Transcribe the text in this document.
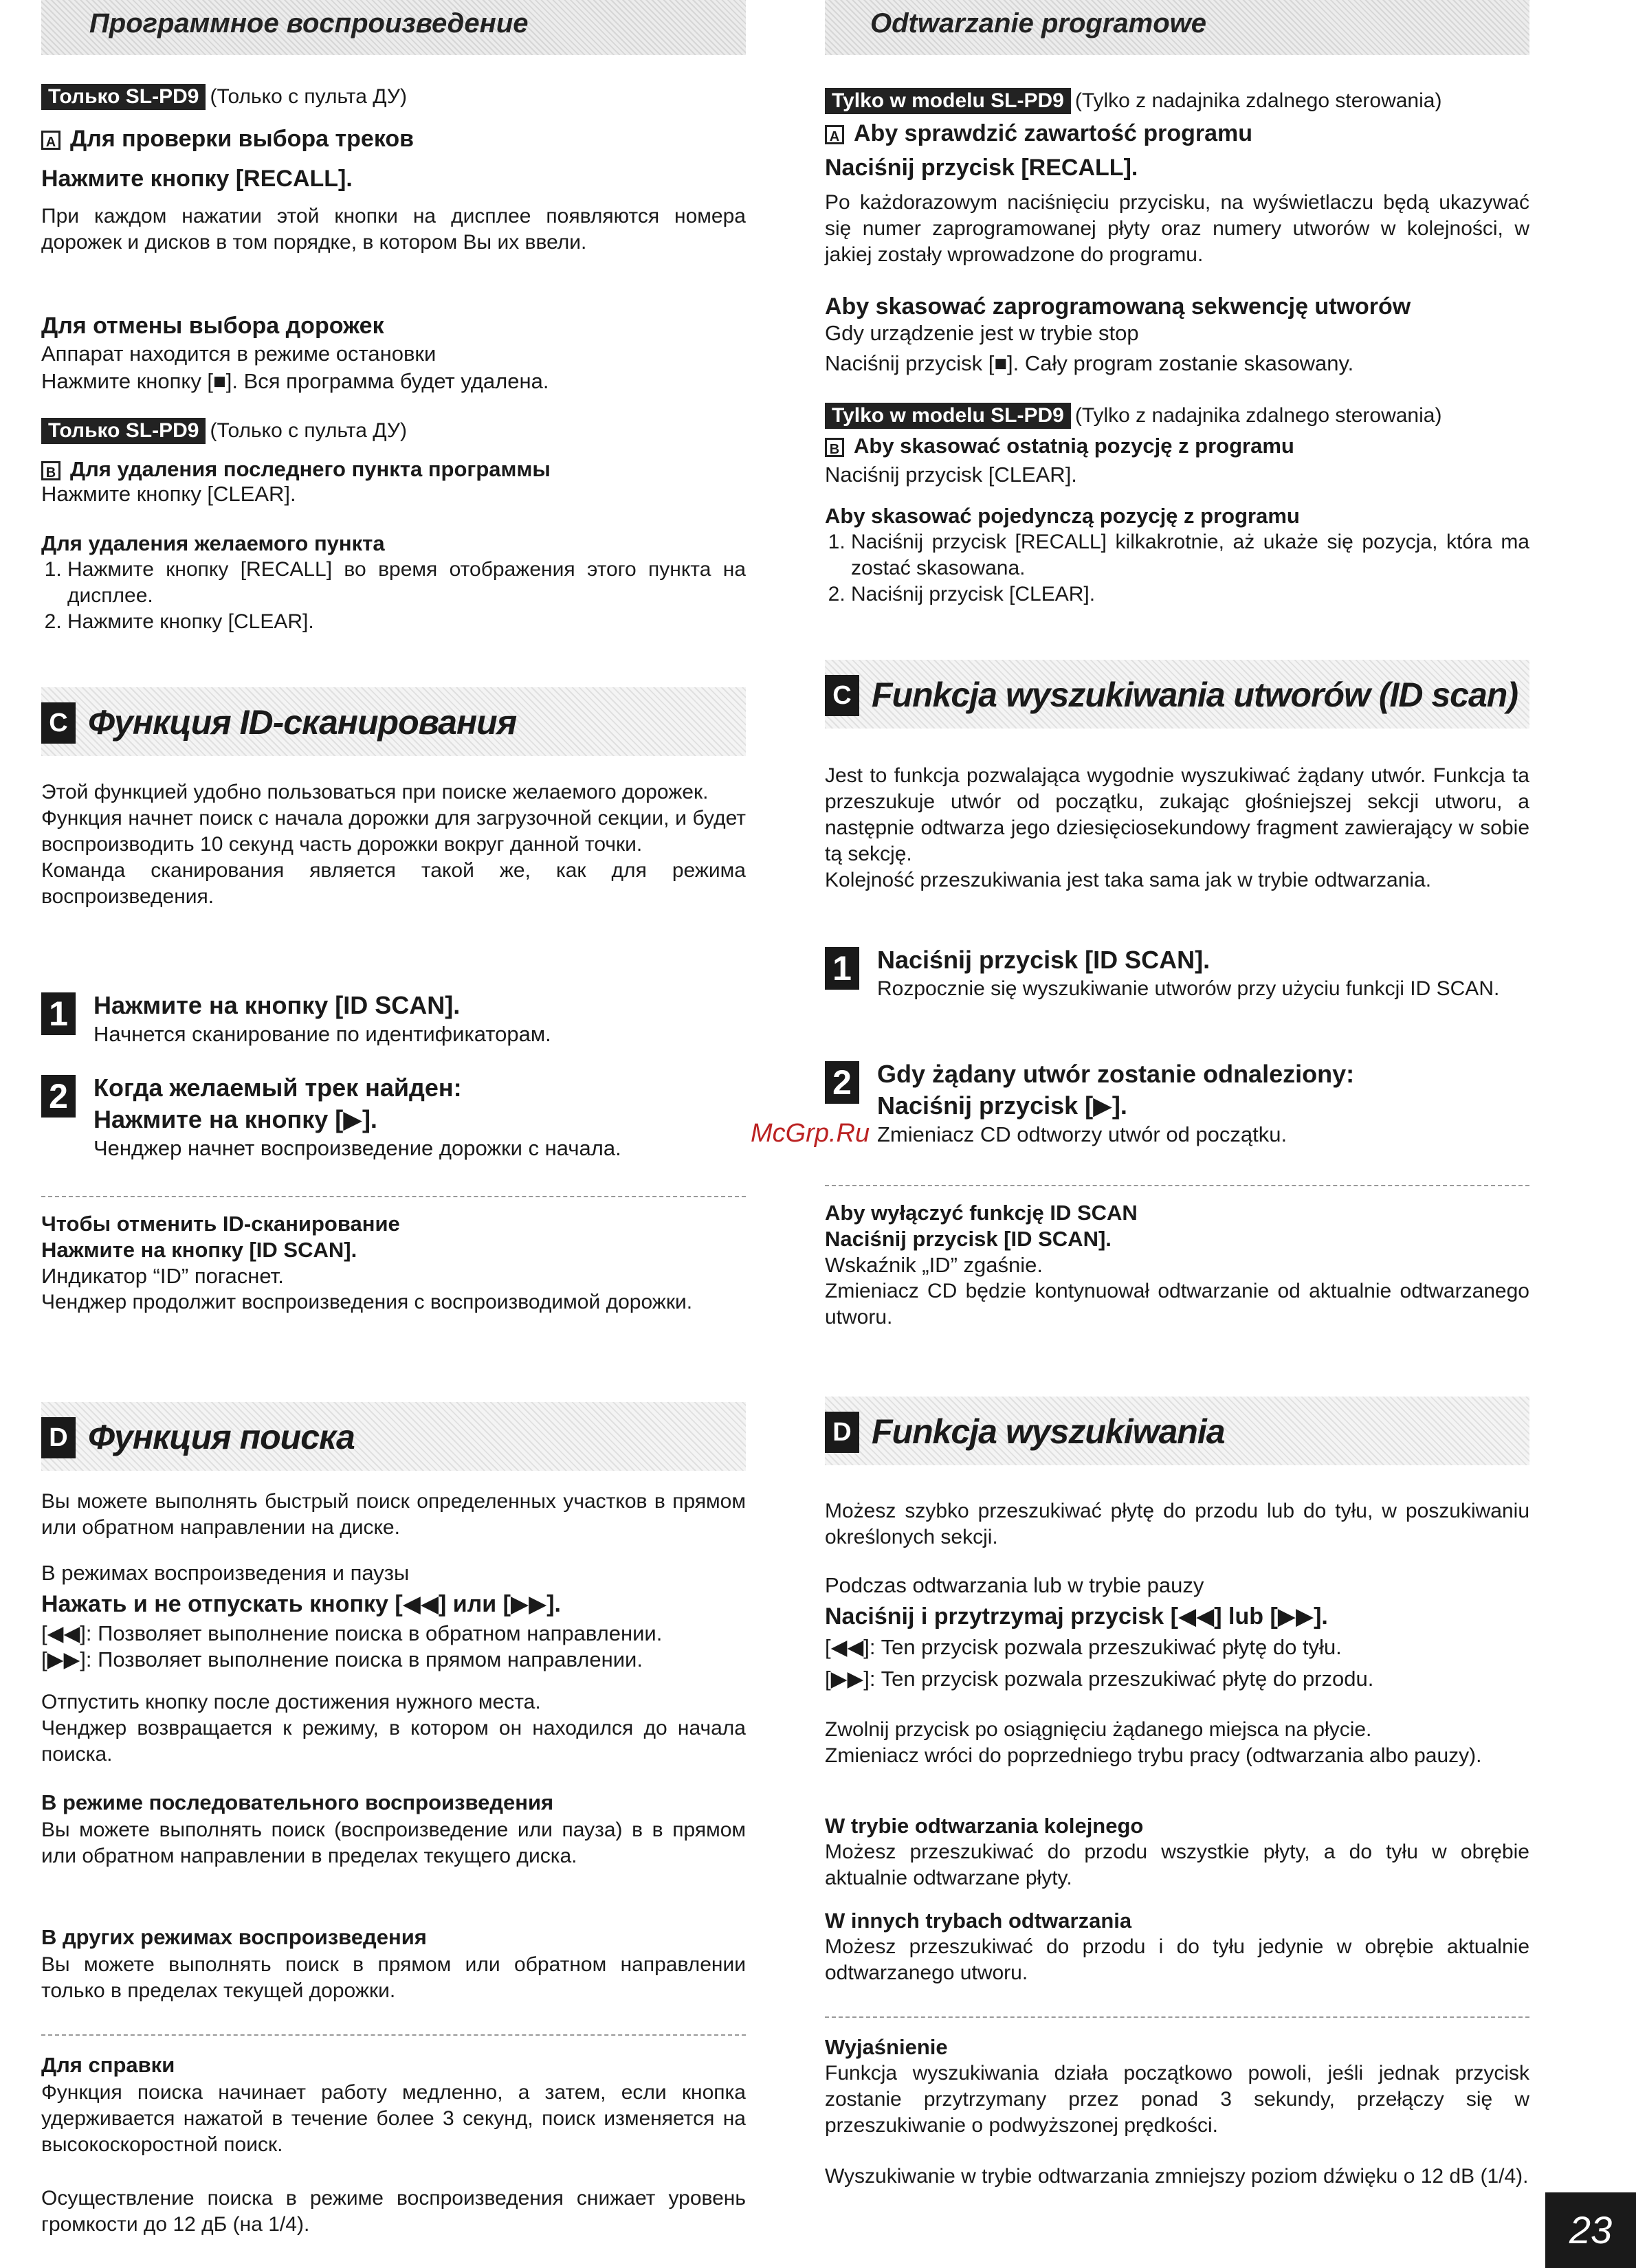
Программное воспроизведение
Только SL-PD9 (Только с пульта ДУ)
A Для проверки выбора треков
Нажмите кнопку [RECALL].
При каждом нажатии этой кнопки на дисплее появляются номера дорожек и дисков в том порядке, в котором Вы их ввели.
Для отмены выбора дорожек
Аппарат находится в режиме остановки
Нажмите кнопку [■]. Вся программа будет удалена.
Только SL-PD9 (Только с пульта ДУ)
B Для удаления последнего пункта программы
Нажмите кнопку [CLEAR].
Для удаления желаемого пункта
1. Нажмите кнопку [RECALL] во время отображения этого пункта на дисплее.
2. Нажмите кнопку [CLEAR].
C Функция ID-сканирования
Этой функцией удобно пользоваться при поиске желаемого дорожек.
Функция начнет поиск с начала дорожки для загрузочной секции, и будет воспроизводить 10 секунд часть дорожки вокруг данной точки.
Команда сканирования является такой же, как для режима воспроизведения.
1	Нажмите на кнопку [ID SCAN].
Начнется сканирование по идентификаторам.
2	Когда желаемый трек найден:
Нажмите на кнопку [▶].
Ченджер начнет воспроизведение дорожки с начала.
Чтобы отменить ID-сканирование
Нажмите на кнопку [ID SCAN].
Индикатор “ID” погаснет.
Ченджер продолжит воспроизведения с воспроизводимой дорожки.
D Функция поиска
Вы можете выполнять быстрый поиск определенных участков в прямом или обратном направлении на диске.
В режимах воспроизведения и паузы
Нажать и не отпускать кнопку [◀◀] или [▶▶].
[◀◀]: Позволяет выполнение поиска в обратном направлении.
[▶▶]: Позволяет выполнение поиска в прямом направлении.
Отпустить кнопку после достижения нужного места.
Ченджер возвращается к режиму, в котором он находился до начала поиска.
В режиме последовательного воспроизведения
Вы можете выполнять поиск (воспроизведение или пауза) в в прямом или обратном направлении в пределах текущего диска.
В других режимах воспроизведения
Вы можете выполнять поиск в прямом или обратном направлении только в пределах текущей дорожки.
Для справки
Функция поиска начинает работу медленно, а затем, если кнопка удерживается нажатой в течение более 3 секунд, поиск изменяется на высокоскоростной поиск.
Осуществление поиска в режиме воспроизведения снижает уровень громкости до 12 дБ (на 1/4).
Odtwarzanie programowe
Tylko w modelu SL-PD9 (Tylko z nadajnika zdalnego sterowania)
A Aby sprawdzić zawartość programu
Naciśnij przycisk [RECALL].
Po każdorazowym naciśnięciu przycisku, na wyświetlaczu będą ukazywać się numer zaprogramowanej płyty oraz numery utworów w kolejności, w jakiej zostały wprowadzone do programu.
Aby skasować zaprogramowaną sekwencję utworów
Gdy urządzenie jest w trybie stop
Naciśnij przycisk [■]. Cały program zostanie skasowany.
Tylko w modelu SL-PD9 (Tylko z nadajnika zdalnego sterowania)
B Aby skasować ostatnią pozycję z programu
Naciśnij przycisk [CLEAR].
Aby skasować pojedynczą pozycję z programu
1. Naciśnij przycisk [RECALL] kilkakrotnie, aż ukaże się pozycja, która ma zostać skasowana.
2. Naciśnij przycisk [CLEAR].
C Funkcja wyszukiwania utworów (ID scan)
Jest to funkcja pozwalająca wygodnie wyszukiwać żądany utwór. Funkcja ta przeszukuje utwór od początku, zukając głośniejszej sekcji utworu, a następnie odtwarza jego dziesięciosekundowy fragment zawierający w sobie tą sekcję.
Kolejność przeszukiwania jest taka sama jak w trybie odtwarzania.
1	Naciśnij przycisk [ID SCAN].
Rozpocznie się wyszukiwanie utworów przy użyciu funkcji ID SCAN.
2	Gdy żądany utwór zostanie odnaleziony:
Naciśnij przycisk [▶].
Zmieniacz CD odtworzy utwór od początku.
Aby wyłączyć funkcję ID SCAN
Naciśnij przycisk [ID SCAN].
Wskaźnik „ID” zgaśnie.
Zmieniacz CD będzie kontynuował odtwarzanie od aktualnie odtwarzanego utworu.
D Funkcja wyszukiwania
Możesz szybko przeszukiwać płytę do przodu lub do tyłu, w poszukiwaniu określonych sekcji.
Podczas odtwarzania lub w trybie pauzy
Naciśnij i przytrzymaj przycisk [◀◀] lub [▶▶].
[◀◀]: Ten przycisk pozwala przeszukiwać płytę do tyłu.
[▶▶]: Ten przycisk pozwala przeszukiwać płytę do przodu.
Zwolnij przycisk po osiągnięciu żądanego miejsca na płycie.
Zmieniacz wróci do poprzedniego trybu pracy (odtwarzania albo pauzy).
W trybie odtwarzania kolejnego
Możesz przeszukiwać do przodu wszystkie płyty, a do tyłu w obrębie aktualnie odtwarzane płyty.
W innych trybach odtwarzania
Możesz przeszukiwać do przodu i do tyłu jedynie w obrębie aktualnie odtwarzanego utworu.
Wyjaśnienie
Funkcja wyszukiwania działa początkowo powoli, jeśli jednak przycisk zostanie przytrzymany przez ponad 3 sekundy, przełączy się w przeszukiwanie o podwyższonej prędkości.
Wyszukiwanie w trybie odtwarzania zmniejszy poziom dźwięku o 12 dB (1/4).
McGrp.Ru
23
